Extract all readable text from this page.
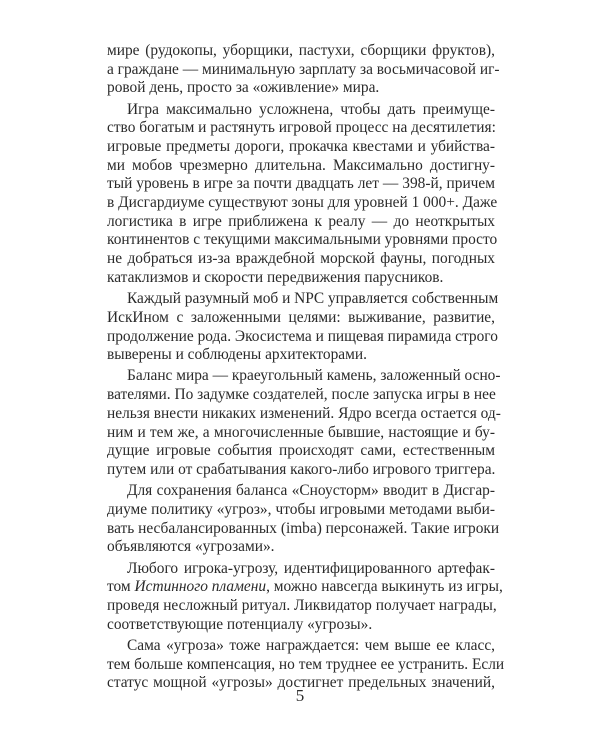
мире (рудокопы, уборщики, пастухи, сборщики фруктов),
а граждане — минимальную зарплату за восьмичасовой иг-
ровой день, просто за «оживление» мира.
Игра максимально усложнена, чтобы дать преимуще-
ство богатым и растянуть игровой процесс на десятилетия:
игровые предметы дороги, прокачка квестами и убийства-
ми мобов чрезмерно длительна. Максимально достигну-
тый уровень в игре за почти двадцать лет — 398-й, причем
в Дисгардиуме существуют зоны для уровней 1 000+. Даже
логистика в игре приближена к реалу — до неоткрытых
континентов с текущими максимальными уровнями просто
не добраться из-за враждебной морской фауны, погодных
катаклизмов и скорости передвижения парусников.
Каждый разумный моб и NPC управляется собственным
ИскИном с заложенными целями: выживание, развитие,
продолжение рода. Экосистема и пищевая пирамида строго
выверены и соблюдены архитекторами.
Баланс мира — краеугольный камень, заложенный осно-
вателями. По задумке создателей, после запуска игры в нее
нельзя внести никаких изменений. Ядро всегда остается од-
ним и тем же, а многочисленные бывшие, настоящие и бу-
дущие игровые события происходят сами, естественным
путем или от срабатывания какого-либо игрового триггера.
Для сохранения баланса «Сноусторм» вводит в Дисгар-
диуме политику «угроз», чтобы игровыми методами выби-
вать несбалансированных (imba) персонажей. Такие игроки
объявляются «угрозами».
Любого игрока-угрозу, идентифицированного артефак-
том Истинного пламени, можно навсегда выкинуть из игры,
проведя несложный ритуал. Ликвидатор получает награды,
соответствующие потенциалу «угрозы».
Сама «угроза» тоже награждается: чем выше ее класс,
тем больше компенсация, но тем труднее ее устранить. Если
статус мощной «угрозы» достигнет предельных значений,
5
